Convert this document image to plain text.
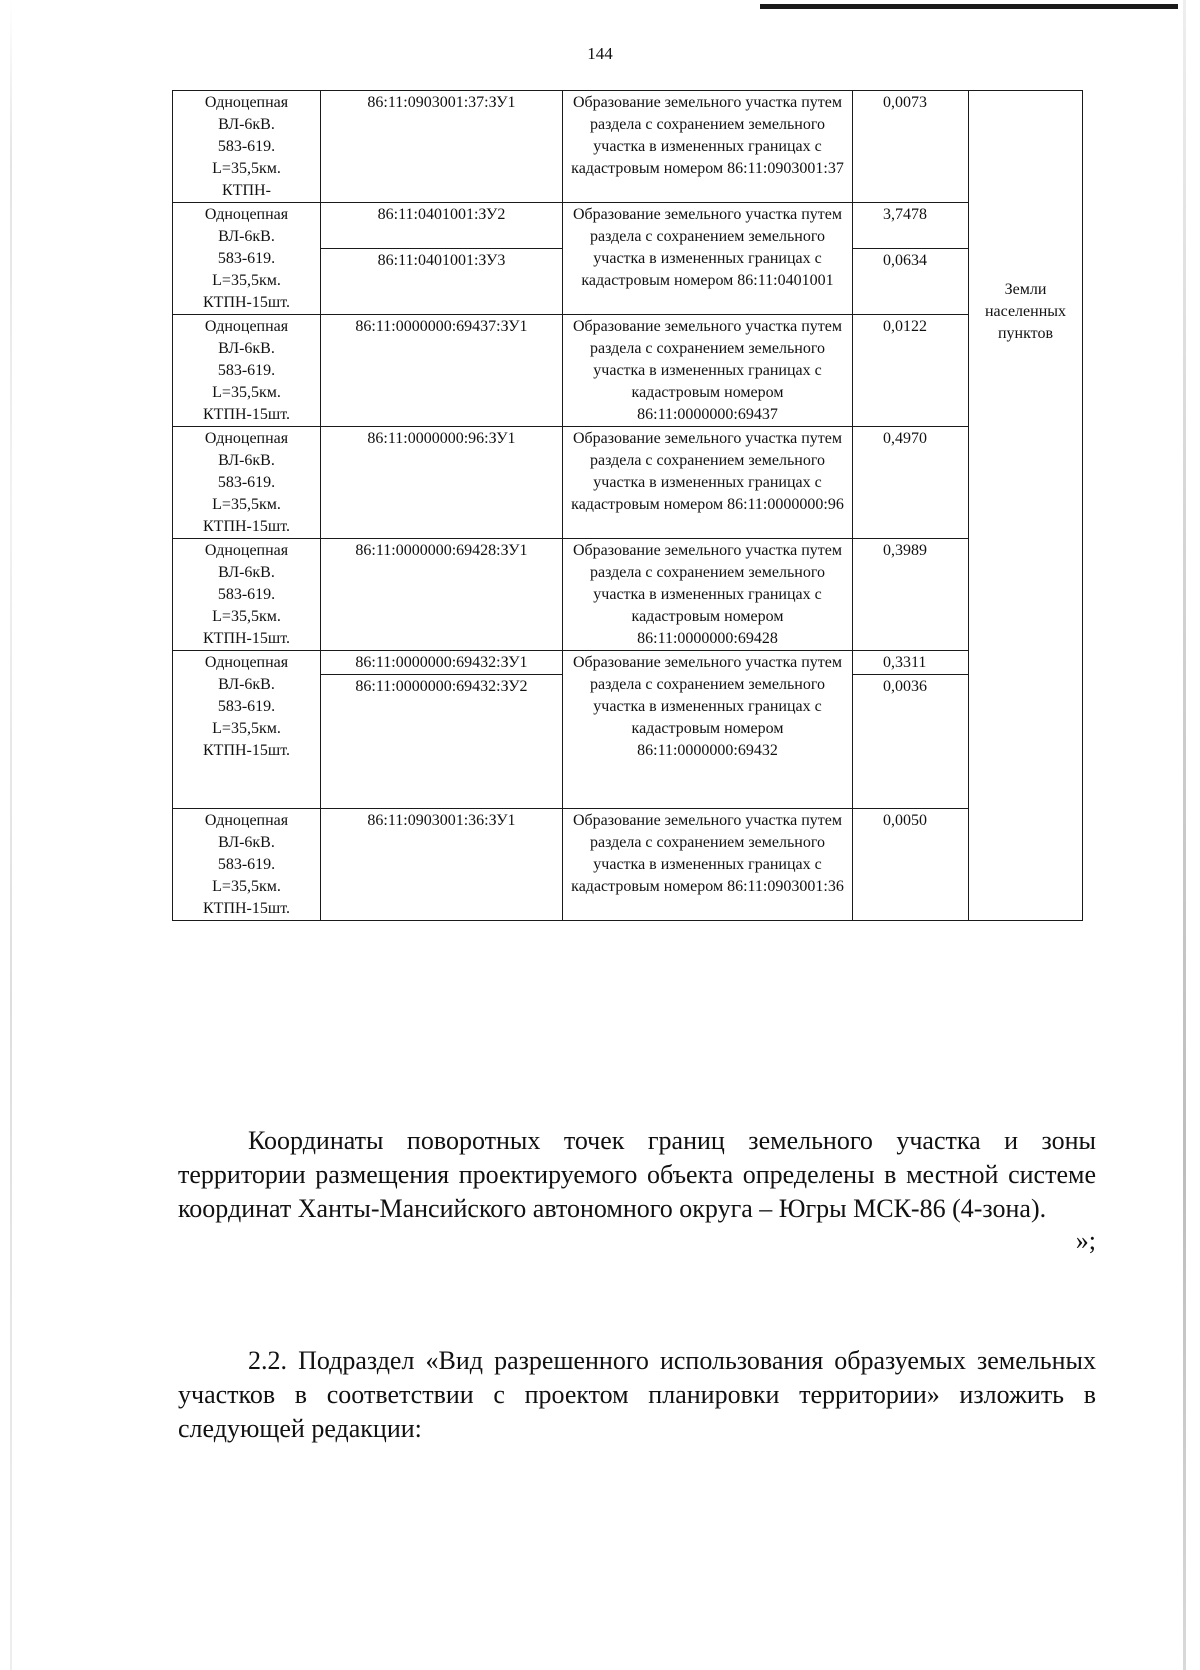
144
Одноцепная
ВЛ-6кВ.
583-619.
L=35,5км.
КТПН-	86:11:0903001:37:ЗУ1	Образование земельного участка путем раздела с сохранением земельного участка в измененных границах с кадастровым номером 86:11:0903001:37	0,0073	Земли населенных пунктов
Одноцепная
ВЛ-6кВ.
583-619.
L=35,5км.
КТПН-15шт.	86:11:0401001:ЗУ2	Образование земельного участка путем раздела с сохранением земельного участка в измененных границах с кадастровым номером 86:11:0401001	3,7478	
	86:11:0401001:ЗУ3		0,0634	
Одноцепная
ВЛ-6кВ.
583-619.
L=35,5км.
КТПН-15шт.	86:11:0000000:69437:ЗУ1	Образование земельного участка путем раздела с сохранением земельного участка в измененных границах с кадастровым номером 86:11:0000000:69437	0,0122	
Одноцепная
ВЛ-6кВ.
583-619.
L=35,5км.
КТПН-15шт.	86:11:0000000:96:ЗУ1	Образование земельного участка путем раздела с сохранением земельного участка в измененных границах с кадастровым номером 86:11:0000000:96	0,4970	
Одноцепная
ВЛ-6кВ.
583-619.
L=35,5км.
КТПН-15шт.	86:11:0000000:69428:ЗУ1	Образование земельного участка путем раздела с сохранением земельного участка в измененных границах с кадастровым номером 86:11:0000000:69428	0,3989	
Одноцепная
ВЛ-6кВ.
583-619.
L=35,5км.
КТПН-15шт.	86:11:0000000:69432:ЗУ1	Образование земельного участка путем раздела с сохранением земельного участка в измененных границах с кадастровым номером 86:11:0000000:69432	0,3311	
	86:11:0000000:69432:ЗУ2		0,0036	
Одноцепная
ВЛ-6кВ.
583-619.
L=35,5км.
КТПН-15шт.	86:11:0903001:36:ЗУ1	Образование земельного участка путем раздела с сохранением земельного участка в измененных границах с кадастровым номером 86:11:0903001:36	0,0050	

Координаты поворотных точек границ земельного участка и зоны территории размещения проектируемого объекта определены в местной системе координат Ханты-Мансийского автономного округа – Югры МСК-86 (4-зона).

»;

2.2. Подраздел «Вид разрешенного использования образуемых земельных участков в соответствии с проектом планировки территории» изложить в следующей редакции:
